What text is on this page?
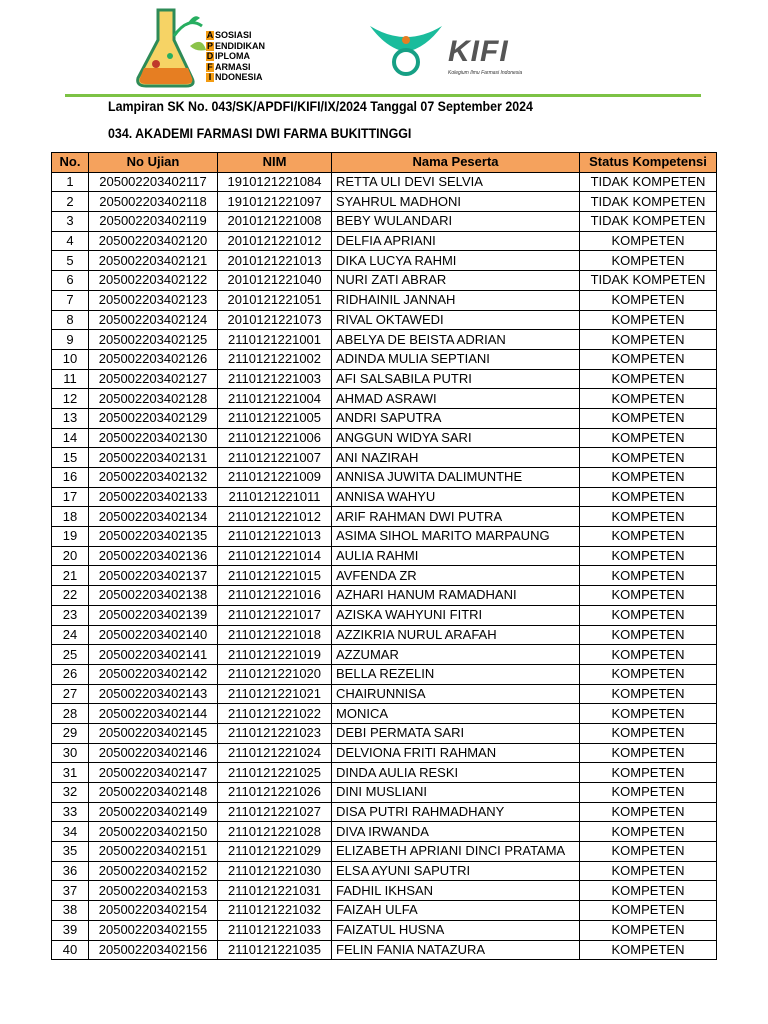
A SOSIASI
P ENDIDIKAN
D IPLOMA
F ARMASI
I NDONESIA
KIFI
Kolegium Ilmu Farmasi Indonesia
Lampiran SK No. 043/SK/APDFI/KIFI/IX/2024 Tanggal 07 September 2024
034. AKADEMI FARMASI DWI FARMA BUKITTINGGI
No.	No Ujian	NIM	Nama Peserta	Status Kompetensi
1	205002203402117	1910121221084	RETTA ULI DEVI SELVIA	TIDAK KOMPETEN
2	205002203402118	1910121221097	SYAHRUL MADHONI	TIDAK KOMPETEN
3	205002203402119	2010121221008	BEBY WULANDARI	TIDAK KOMPETEN
4	205002203402120	2010121221012	DELFIA APRIANI	KOMPETEN
5	205002203402121	2010121221013	DIKA LUCYA RAHMI	KOMPETEN
6	205002203402122	2010121221040	NURI ZATI ABRAR	TIDAK KOMPETEN
7	205002203402123	2010121221051	RIDHAINIL JANNAH	KOMPETEN
8	205002203402124	2010121221073	RIVAL OKTAWEDI	KOMPETEN
9	205002203402125	2110121221001	ABELYA DE BEISTA ADRIAN	KOMPETEN
10	205002203402126	2110121221002	ADINDA MULIA SEPTIANI	KOMPETEN
11	205002203402127	2110121221003	AFI SALSABILA PUTRI	KOMPETEN
12	205002203402128	2110121221004	AHMAD ASRAWI	KOMPETEN
13	205002203402129	2110121221005	ANDRI SAPUTRA	KOMPETEN
14	205002203402130	2110121221006	ANGGUN WIDYA SARI	KOMPETEN
15	205002203402131	2110121221007	ANI NAZIRAH	KOMPETEN
16	205002203402132	2110121221009	ANNISA JUWITA DALIMUNTHE	KOMPETEN
17	205002203402133	2110121221011	ANNISA WAHYU	KOMPETEN
18	205002203402134	2110121221012	ARIF RAHMAN DWI PUTRA	KOMPETEN
19	205002203402135	2110121221013	ASIMA SIHOL MARITO MARPAUNG	KOMPETEN
20	205002203402136	2110121221014	AULIA RAHMI	KOMPETEN
21	205002203402137	2110121221015	AVFENDA ZR	KOMPETEN
22	205002203402138	2110121221016	AZHARI HANUM RAMADHANI	KOMPETEN
23	205002203402139	2110121221017	AZISKA WAHYUNI FITRI	KOMPETEN
24	205002203402140	2110121221018	AZZIKRIA NURUL ARAFAH	KOMPETEN
25	205002203402141	2110121221019	AZZUMAR	KOMPETEN
26	205002203402142	2110121221020	BELLA REZELIN	KOMPETEN
27	205002203402143	2110121221021	CHAIRUNNISA	KOMPETEN
28	205002203402144	2110121221022	MONICA	KOMPETEN
29	205002203402145	2110121221023	DEBI PERMATA SARI	KOMPETEN
30	205002203402146	2110121221024	DELVIONA FRITI RAHMAN	KOMPETEN
31	205002203402147	2110121221025	DINDA AULIA RESKI	KOMPETEN
32	205002203402148	2110121221026	DINI MUSLIANI	KOMPETEN
33	205002203402149	2110121221027	DISA PUTRI RAHMADHANY	KOMPETEN
34	205002203402150	2110121221028	DIVA IRWANDA	KOMPETEN
35	205002203402151	2110121221029	ELIZABETH APRIANI DINCI PRATAMA	KOMPETEN
36	205002203402152	2110121221030	ELSA AYUNI SAPUTRI	KOMPETEN
37	205002203402153	2110121221031	FADHIL IKHSAN	KOMPETEN
38	205002203402154	2110121221032	FAIZAH ULFA	KOMPETEN
39	205002203402155	2110121221033	FAIZATUL HUSNA	KOMPETEN
40	205002203402156	2110121221035	FELIN FANIA NATAZURA	KOMPETEN
